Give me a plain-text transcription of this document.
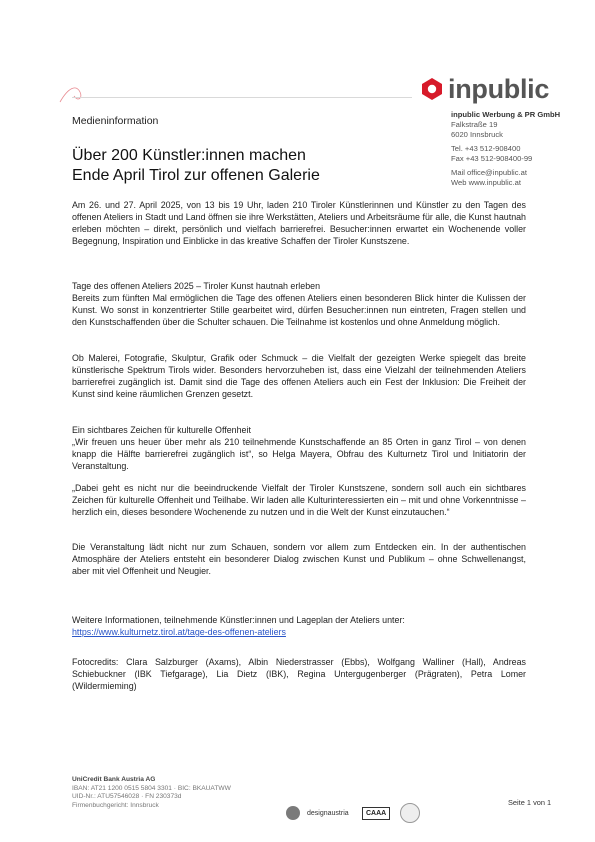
inpublic
inpublic Werbung & PR GmbH
Falkstraße 19
6020 Innsbruck
Tel. +43 512-908400
Fax +43 512-908400-99
Mail office@inpublic.at
Web www.inpublic.at
Medieninformation
Über 200 Künstler:innen machen
Ende April Tirol zur offenen Galerie

Am 26. und 27. April 2025, von 13 bis 19 Uhr, laden 210 Tiroler Künstlerinnen und Künstler zu den Tagen des offenen Ateliers in Stadt und Land öffnen sie ihre Werkstätten, Ateliers und Arbeitsräume für alle, die Kunst hautnah erleben möchten – direkt, persönlich und vielfach barrierefrei. Besucher:innen erwartet ein Wochenende voller Begegnung, Inspiration und Einblicke in das kreative Schaffen der Tiroler Kunstszene.

Tage des offenen Ateliers 2025 – Tiroler Kunst hautnah erleben

Bereits zum fünften Mal ermöglichen die Tage des offenen Ateliers einen besonderen Blick hinter die Kulissen der Kunst. Wo sonst in konzentrierter Stille gearbeitet wird, dürfen Besucher:innen nun eintreten, Fragen stellen und den Kunstschaffenden über die Schulter schauen. Die Teilnahme ist kostenlos und ohne Anmeldung möglich.

Ob Malerei, Fotografie, Skulptur, Grafik oder Schmuck – die Vielfalt der gezeigten Werke spiegelt das breite künstlerische Spektrum Tirols wider. Besonders hervorzuheben ist, dass eine Vielzahl der teilnehmenden Ateliers barrierefrei zugänglich ist. Damit sind die Tage des offenen Ateliers auch ein Fest der Inklusion: Die Freiheit der Kunst sind keine räumlichen Grenzen gesetzt.

Ein sichtbares Zeichen für kulturelle Offenheit

„Wir freuen uns heuer über mehr als 210 teilnehmende Kunstschaffende an 85 Orten in ganz Tirol – von denen knapp die Hälfte barrierefrei zugänglich ist“, so Helga Mayera, Obfrau des Kulturnetz Tirol und Initiatorin der Veranstaltung.

„Dabei geht es nicht nur die beeindruckende Vielfalt der Tiroler Kunstszene, sondern soll auch ein sichtbares Zeichen für kulturelle Offenheit und Teilhabe. Wir laden alle Kulturinteressierten ein – mit und ohne Vorkenntnisse – herzlich ein, dieses besondere Wochenende zu nutzen und in die Welt der Kunst einzutauchen.“

Die Veranstaltung lädt nicht nur zum Schauen, sondern vor allem zum Entdecken ein. In der authentischen Atmosphäre der Ateliers entsteht ein besonderer Dialog zwischen Kunst und Publikum – ohne Schwellenangst, aber mit viel Offenheit und Neugier.

Weitere Informationen, teilnehmende Künstler:innen und Lageplan der Ateliers unter:

https://www.kulturnetz.tirol.at/tage-des-offenen-ateliers

Fotocredits: Clara Salzburger (Axams), Albin Niederstrasser (Ebbs), Wolfgang Walliner (Hall), Andreas Schiebuckner (IBK Tiefgarage), Lia Dietz (IBK), Regina Untergugenberger (Prägraten), Petra Lomer (Wildermieming)

UniCredit Bank Austria AG
IBAN: AT21 1200 0515 5804 3301 · BIC: BKAUATWW
UID-Nr.: ATU57546028 · FN 230373d
Firmenbuchgericht: Innsbruck
designaustria	CAAA
Seite 1 von 1
